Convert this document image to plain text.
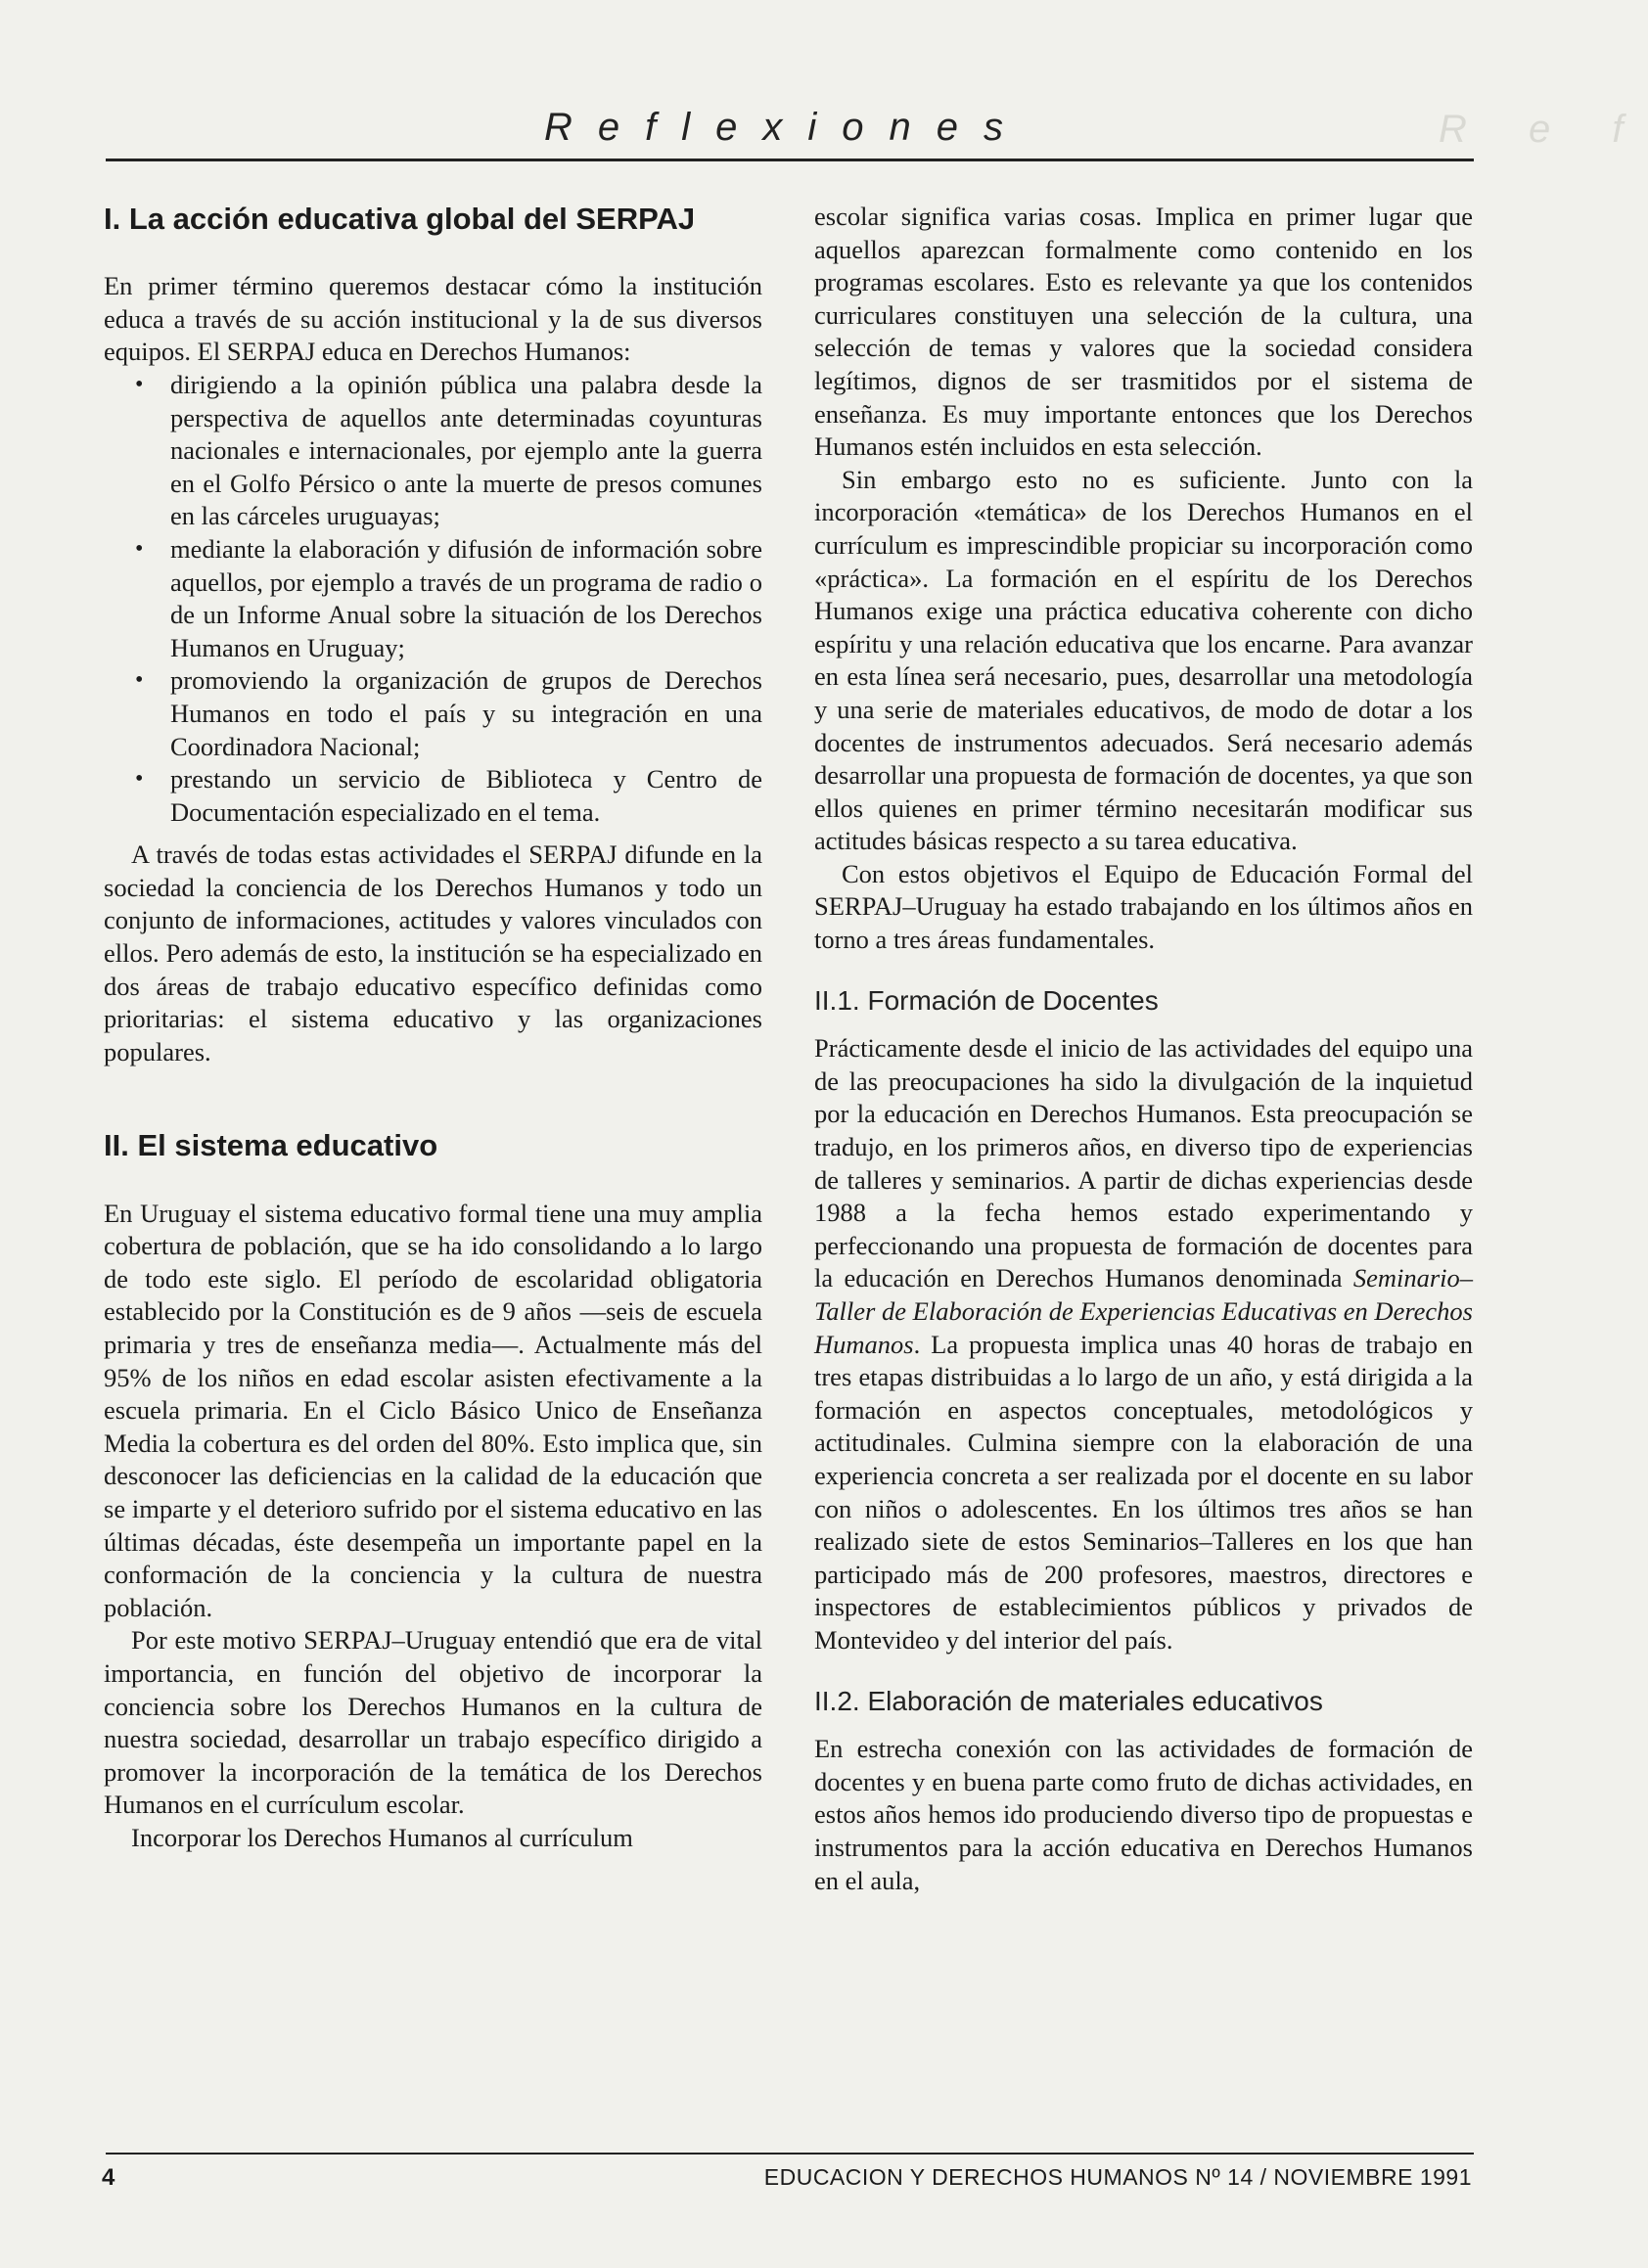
Reflexiones	R e f
I. La acción educativa global del SERPAJ

En primer término queremos destacar cómo la institución educa a través de su acción institucional y la de sus diversos equipos. El SERPAJ educa en Derechos Humanos:

• dirigiendo a la opinión pública una palabra desde la perspectiva de aquellos ante determinadas coyunturas nacionales e internacionales, por ejemplo ante la guerra en el Golfo Pérsico o ante la muerte de presos comunes en las cárceles uruguayas;
• mediante la elaboración y difusión de información sobre aquellos, por ejemplo a través de un programa de radio o de un Informe Anual sobre la situación de los Derechos Humanos en Uruguay;
• promoviendo la organización de grupos de Derechos Humanos en todo el país y su integración en una Coordinadora Nacional;
• prestando un servicio de Biblioteca y Centro de Documentación especializado en el tema.

A través de todas estas actividades el SERPAJ difunde en la sociedad la conciencia de los Derechos Humanos y todo un conjunto de informaciones, actitudes y valores vinculados con ellos. Pero además de esto, la institución se ha especializado en dos áreas de trabajo educativo específico definidas como prioritarias: el sistema educativo y las organizaciones populares.

II. El sistema educativo

En Uruguay el sistema educativo formal tiene una muy amplia cobertura de población, que se ha ido consolidando a lo largo de todo este siglo. El período de escolaridad obligatoria establecido por la Constitución es de 9 años —seis de escuela primaria y tres de enseñanza media—. Actualmente más del 95% de los niños en edad escolar asisten efectivamente a la escuela primaria. En el Ciclo Básico Unico de Enseñanza Media la cobertura es del orden del 80%. Esto implica que, sin desconocer las deficiencias en la calidad de la educación que se imparte y el deterioro sufrido por el sistema educativo en las últimas décadas, éste desempeña un importante papel en la conformación de la conciencia y la cultura de nuestra población.

Por este motivo SERPAJ–Uruguay entendió que era de vital importancia, en función del objetivo de incorporar la conciencia sobre los Derechos Humanos en la cultura de nuestra sociedad, desarrollar un trabajo específico dirigido a promover la incorporación de la temática de los Derechos Humanos en el currículum escolar.

Incorporar los Derechos Humanos al currículum

escolar significa varias cosas. Implica en primer lugar que aquellos aparezcan formalmente como contenido en los programas escolares. Esto es relevante ya que los contenidos curriculares constituyen una selección de la cultura, una selección de temas y valores que la sociedad considera legítimos, dignos de ser trasmitidos por el sistema de enseñanza. Es muy importante entonces que los Derechos Humanos estén incluidos en esta selección.

Sin embargo esto no es suficiente. Junto con la incorporación «temática» de los Derechos Humanos en el currículum es imprescindible propiciar su incorporación como «práctica». La formación en el espíritu de los Derechos Humanos exige una práctica educativa coherente con dicho espíritu y una relación educativa que los encarne. Para avanzar en esta línea será necesario, pues, desarrollar una metodología y una serie de materiales educativos, de modo de dotar a los docentes de instrumentos adecuados. Será necesario además desarrollar una propuesta de formación de docentes, ya que son ellos quienes en primer término necesitarán modificar sus actitudes básicas respecto a su tarea educativa.

Con estos objetivos el Equipo de Educación Formal del SERPAJ–Uruguay ha estado trabajando en los últimos años en torno a tres áreas fundamentales.

II.1. Formación de Docentes

Prácticamente desde el inicio de las actividades del equipo una de las preocupaciones ha sido la divulgación de la inquietud por la educación en Derechos Humanos. Esta preocupación se tradujo, en los primeros años, en diverso tipo de experiencias de talleres y seminarios. A partir de dichas experiencias desde 1988 a la fecha hemos estado experimentando y perfeccionando una propuesta de formación de docentes para la educación en Derechos Humanos denominada Seminario–Taller de Elaboración de Experiencias Educativas en Derechos Humanos. La propuesta implica unas 40 horas de trabajo en tres etapas distribuidas a lo largo de un año, y está dirigida a la formación en aspectos conceptuales, metodológicos y actitudinales. Culmina siempre con la elaboración de una experiencia concreta a ser realizada por el docente en su labor con niños o adolescentes. En los últimos tres años se han realizado siete de estos Seminarios–Talleres en los que han participado más de 200 profesores, maestros, directores e inspectores de establecimientos públicos y privados de Montevideo y del interior del país.

II.2. Elaboración de materiales educativos

En estrecha conexión con las actividades de formación de docentes y en buena parte como fruto de dichas actividades, en estos años hemos ido produciendo diverso tipo de propuestas e instrumentos para la acción educativa en Derechos Humanos en el aula,

4	EDUCACION Y DERECHOS HUMANOS Nº 14 / NOVIEMBRE 1991
